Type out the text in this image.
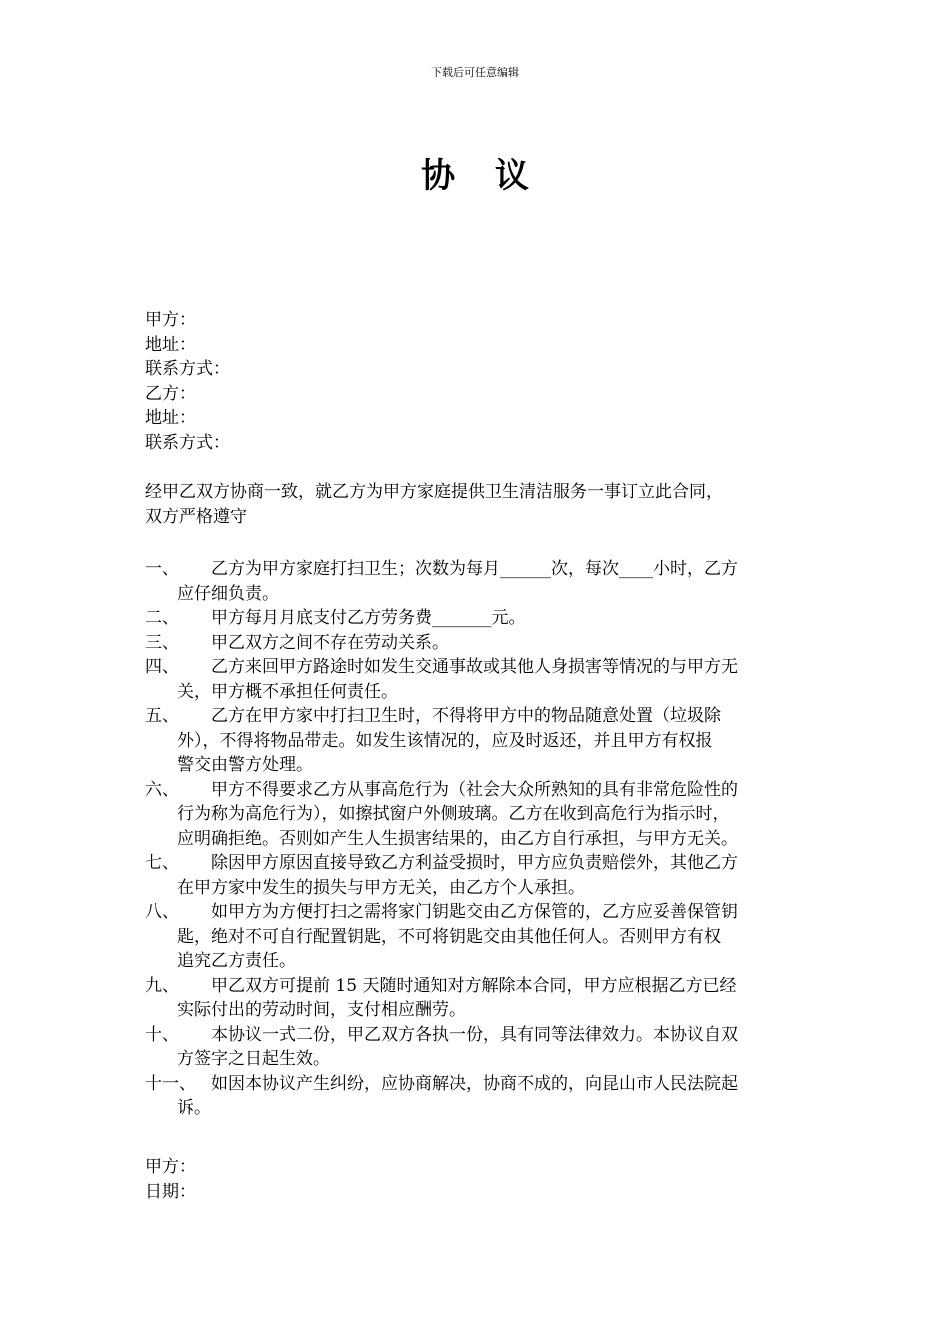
下载后可任意编辑
协 议
甲方：
地址：
联系方式：
乙方：
地址：
联系方式：
经甲乙双方协商一致，就乙方为甲方家庭提供卫生清洁服务一事订立此合同，
双方严格遵守
一、 乙方为甲方家庭打扫卫生；次数为每月______次，每次____小时，乙方
应仔细负责。
二、 甲方每月月底支付乙方劳务费_______元。
三、 甲乙双方之间不存在劳动关系。
四、 乙方来回甲方路途时如发生交通事故或其他人身损害等情况的与甲方无
关，甲方概不承担任何责任。
五、 乙方在甲方家中打扫卫生时，不得将甲方中的物品随意处置（垃圾除
外），不得将物品带走。如发生该情况的，应及时返还，并且甲方有权报
警交由警方处理。
六、 甲方不得要求乙方从事高危行为（社会大众所熟知的具有非常危险性的
行为称为高危行为），如擦拭窗户外侧玻璃。乙方在收到高危行为指示时，
应明确拒绝。否则如产生人生损害结果的，由乙方自行承担，与甲方无关。
七、 除因甲方原因直接导致乙方利益受损时，甲方应负责赔偿外，其他乙方
在甲方家中发生的损失与甲方无关，由乙方个人承担。
八、 如甲方为方便打扫之需将家门钥匙交由乙方保管的，乙方应妥善保管钥
匙，绝对不可自行配置钥匙，不可将钥匙交由其他任何人。否则甲方有权
追究乙方责任。
九、 甲乙双方可提前 15 天随时通知对方解除本合同，甲方应根据乙方已经
实际付出的劳动时间，支付相应酬劳。
十、 本协议一式二份，甲乙双方各执一份，具有同等法律效力。本协议自双
方签字之日起生效。
十一、 如因本协议产生纠纷，应协商解决，协商不成的，向昆山市人民法院起
诉。
甲方：
日期：
